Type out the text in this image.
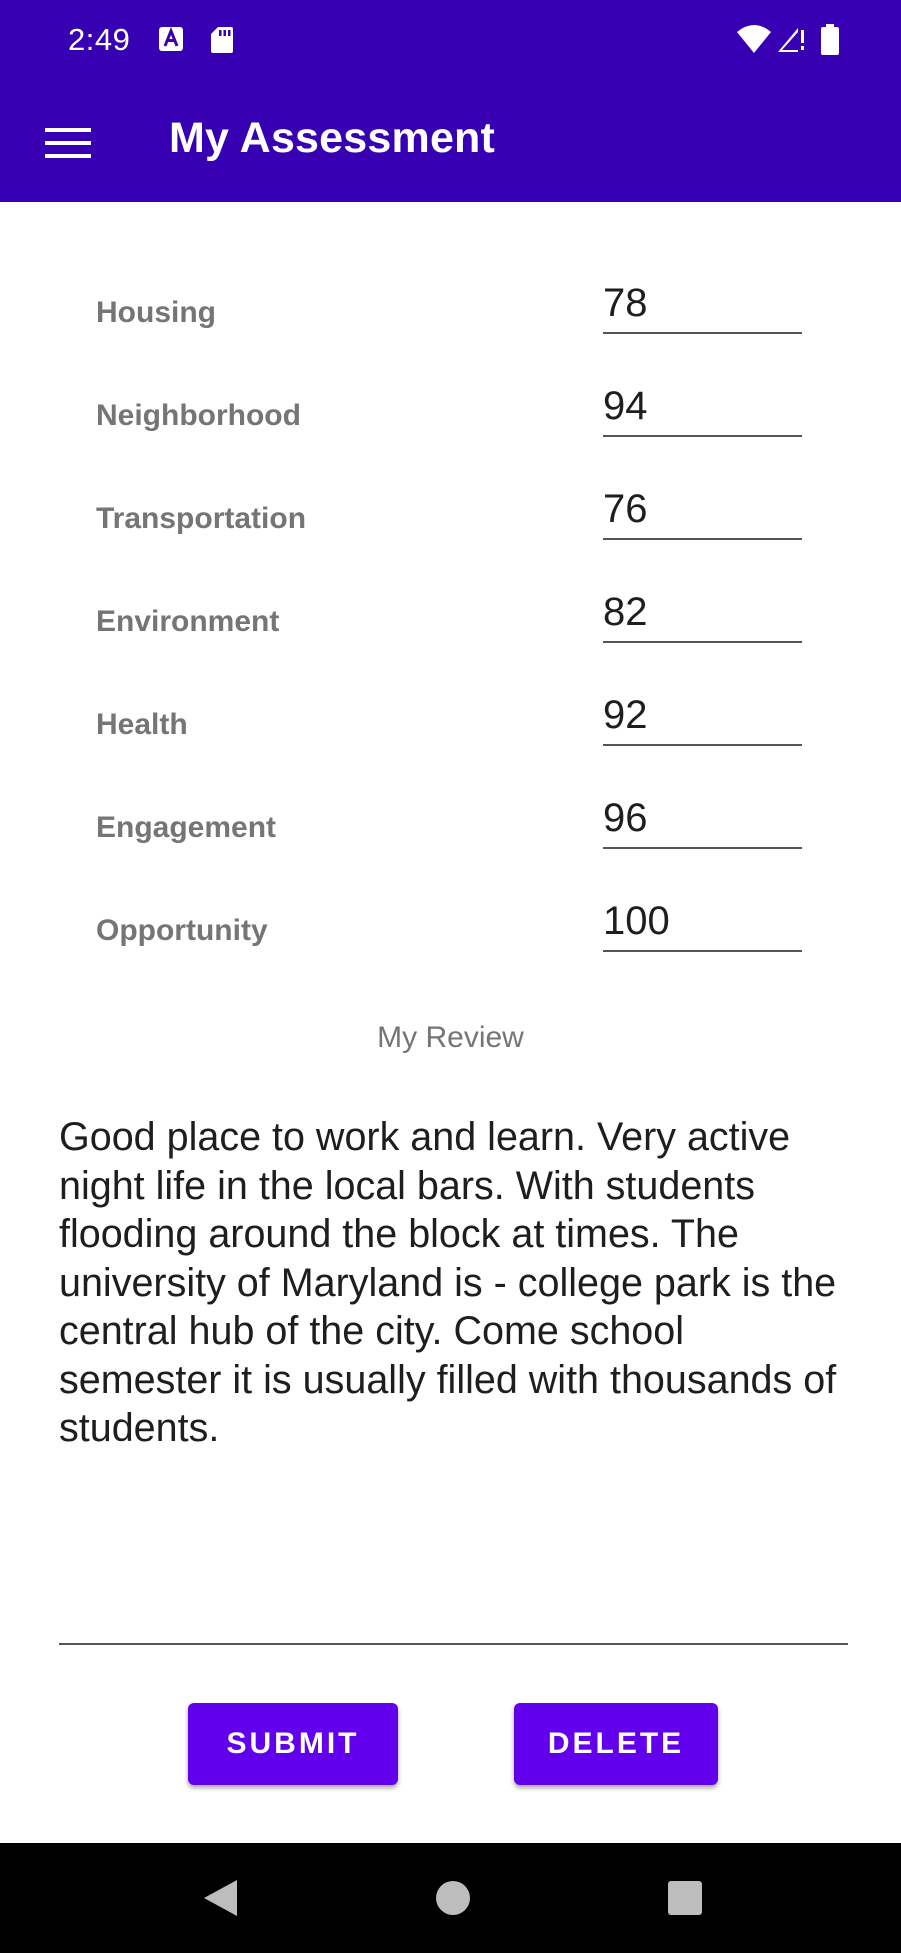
2:49
My Assessment
Housing
78
Neighborhood
94
Transportation
76
Environment
82
Health
92
Engagement
96
Opportunity
100
My Review
Good place to work and learn. Very active night life in the local bars. With students flooding around the block at times. The university of Maryland is - college park is the central hub of the city. Come school semester it is usually filled with thousands of students.
SUBMIT	DELETE
